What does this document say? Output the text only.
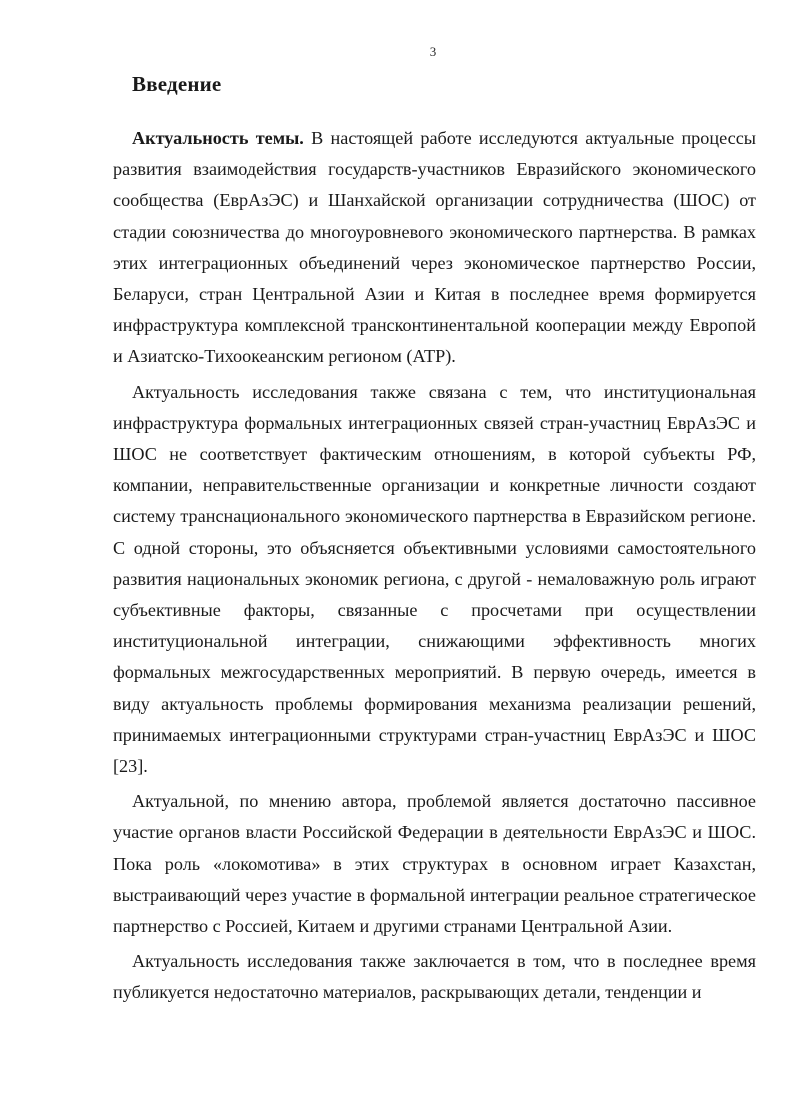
3
Введение

Актуальность темы. В настоящей работе исследуются актуальные процессы развития взаимодействия государств-участников Евразийского экономического сообщества (ЕврАзЭС) и Шанхайской организации сотрудничества (ШОС) от стадии союзничества до многоуровневого экономического партнерства. В рамках этих интеграционных объединений через экономическое партнерство России, Беларуси, стран Центральной Азии и Китая в последнее время формируется инфраструктура комплексной трансконтинентальной кооперации между Европой и Азиатско-Тихоокеанским регионом (АТР).

Актуальность исследования также связана с тем, что институциональная инфраструктура формальных интеграционных связей стран-участниц ЕврАзЭС и ШОС не соответствует фактическим отношениям, в которой субъекты РФ, компании, неправительственные организации и конкретные личности создают систему транснационального экономического партнерства в Евразийском регионе. С одной стороны, это объясняется объективными условиями самостоятельного развития национальных экономик региона, с другой - немаловажную роль играют субъективные факторы, связанные с просчетами при осуществлении институциональной интеграции, снижающими эффективность многих формальных межгосударственных мероприятий. В первую очередь, имеется в виду актуальность проблемы формирования механизма реализации решений, принимаемых интеграционными структурами стран-участниц ЕврАзЭС и ШОС [23].

Актуальной, по мнению автора, проблемой является достаточно пассивное участие органов власти Российской Федерации в деятельности ЕврАзЭС и ШОС. Пока роль «локомотива» в этих структурах в основном играет Казахстан, выстраивающий через участие в формальной интеграции реальное стратегическое партнерство с Россией, Китаем и другими странами Центральной Азии.

Актуальность исследования также заключается в том, что в последнее время публикуется недостаточно материалов, раскрывающих детали, тенденции и
